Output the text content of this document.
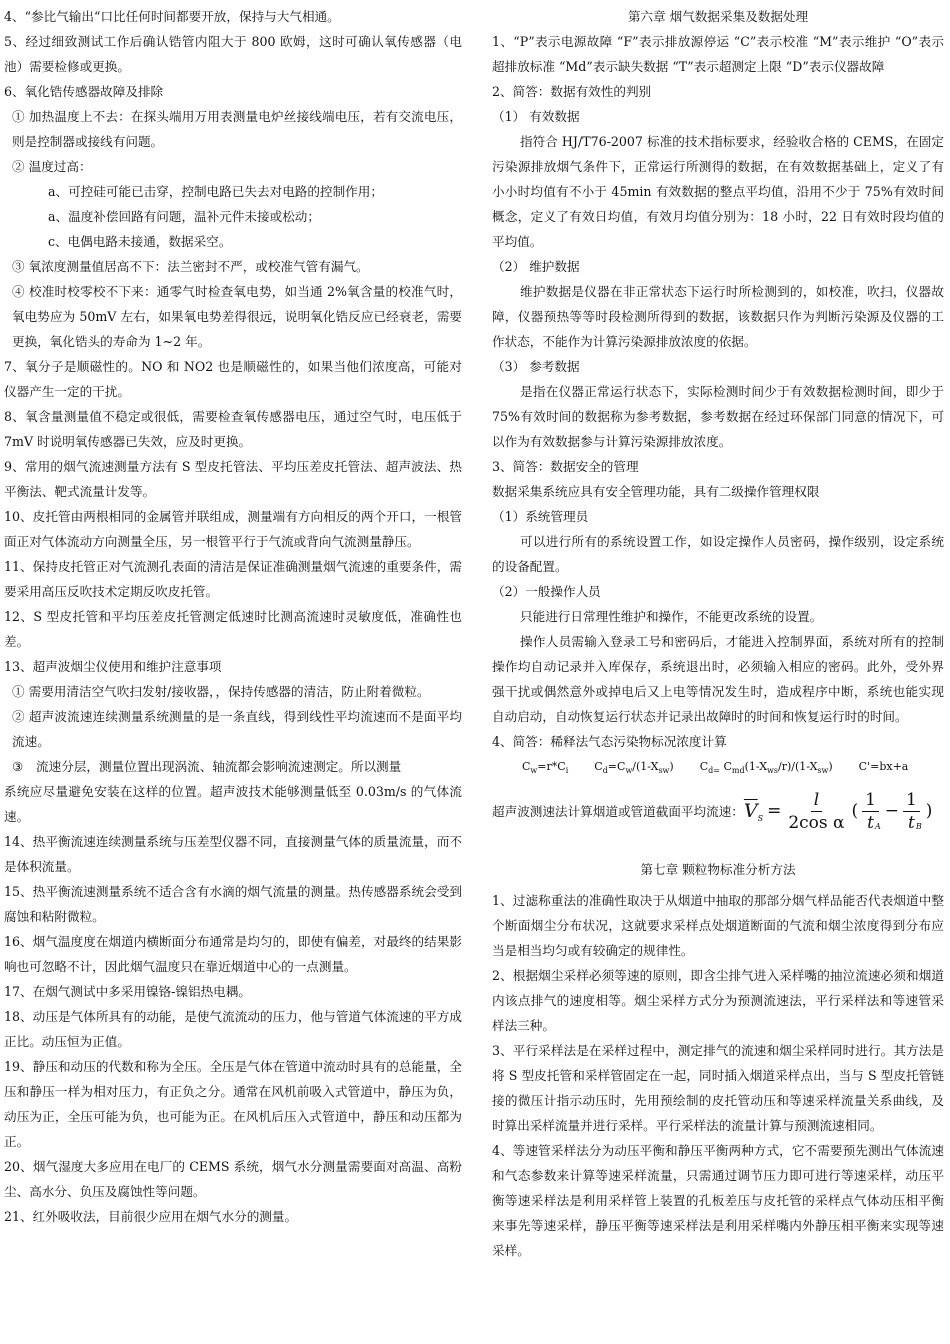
4、“参比气输出“口比任何时间都要开放，保持与大气相通。

5、经过细致测试工作后确认锆管内阻大于 800 欧姆，这时可确认氧传感器（电池）需要检修或更换。

6、氧化锆传感器故障及排除

① 加热温度上不去：在探头端用万用表测量电炉丝接线端电压，若有交流电压，则是控制器或接线有问题。

② 温度过高：

a、可控硅可能已击穿，控制电路已失去对电路的控制作用；

a、温度补偿回路有问题，温补元件未接或松动；

c、电偶电路未接通，数据采空。

③ 氧浓度测量值居高不下：法兰密封不严，或校准气管有漏气。

④ 校准时校零校不下来：通零气时检查氧电势，如当通 2%氧含量的校准气时，氧电势应为 50mV 左右，如果氧电势差得很远，说明氧化锆反应已经衰老，需要更换，氧化锆头的寿命为 1~2 年。

7、氧分子是顺磁性的。NO 和 NO2 也是顺磁性的，如果当他们浓度高，可能对仪器产生一定的干扰。

8、氧含量测量值不稳定或很低，需要检查氧传感器电压，通过空气时，电压低于 7mV 时说明氧传感器已失效，应及时更换。

9、常用的烟气流速测量方法有 S 型皮托管法、平均压差皮托管法、超声波法、热平衡法、靶式流量计发等。

10、皮托管由两根相同的金属管并联组成，测量端有方向相反的两个开口，一根管面正对气体流动方向测量全压，另一根管平行于气流或背向气流测量静压。

11、保持皮托管正对气流测孔表面的清洁是保证准确测量烟气流速的重要条件，需要采用高压反吹技术定期反吹皮托管。

12、S 型皮托管和平均压差皮托管测定低速时比测高流速时灵敏度低，准确性也差。

13、超声波烟尘仪使用和维护注意事项

① 需要用清洁空气吹扫发射/接收器，，保持传感器的清洁，防止附着微粒。

② 超声波流速连续测量系统测量的是一条直线，得到线性平均流速而不是面平均流速。

流速分层，测量位置出现涡流、轴流都会影响流速测定。所以测量

③

系统应尽量避免安装在这样的位置。超声波技术能够测量低至 0.03m/s 的气体流速。

14、热平衡流速连续测量系统与压差型仪器不同，直接测量气体的质量流量，而不是体积流量。

15、热平衡流速测量系统不适合含有水滴的烟气流量的测量。热传感器系统会受到腐蚀和粘附微粒。

16、烟气温度度在烟道内横断面分布通常是均匀的，即使有偏差，对最终的结果影响也可忽略不计，因此烟气温度只在靠近烟道中心的一点测量。

17、在烟气测试中多采用镍铬-镍铝热电耦。

18、动压是气体所具有的动能，是使气流流动的压力，他与管道气体流速的平方成正比。动压恒为正值。

19、静压和动压的代数和称为全压。全压是气体在管道中流动时具有的总能量，全压和静压一样为相对压力，有正负之分。通常在风机前吸入式管道中，静压为负，动压为正，全压可能为负，也可能为正。在风机后压入式管道中，静压和动压都为正。

20、烟气湿度大多应用在电厂的 CEMS 系统，烟气水分测量需要面对高温、高粉尘、高水分、负压及腐蚀性等问题。

21、红外吸收法，目前很少应用在烟气水分的测量。

第六章 烟气数据采集及数据处理

1、“P”表示电源故障 “F”表示排放源停运 “C”表示校准 “M”表示维护 “O”表示超排放标准 “Md”表示缺失数据 “T”表示超测定上限 “D”表示仪器故障

2、简答：数据有效性的判别

（1） 有效数据

指符合 HJ/T76-2007 标准的技术指标要求，经验收合格的 CEMS，在固定污染源排放烟气条件下，正常运行所测得的数据，在有效数据基础上，定义了有小小时均值有不小于 45min 有效数据的整点平均值，沿用不少于 75%有效时间概念，定义了有效日均值，有效月均值分别为：18 小时，22 日有效时段均值的平均值。

（2） 维护数据

维护数据是仪器在非正常状态下运行时所检测到的，如校准，吹扫，仪器故障，仪器预热等等时段检测所得到的数据，该数据只作为判断污染源及仪器的工作状态，不能作为计算污染源排放浓度的依据。

（3） 参考数据

是指在仪器正常运行状态下，实际检测时间少于有效数据检测时间，即少于 75%有效时间的数据称为参考数据，参考数据在经过环保部门同意的情况下，可以作为有效数据参与计算污染源排放浓度。

3、简答：数据安全的管理

数据采集系统应具有安全管理功能，具有二级操作管理权限

（1）系统管理员

可以进行所有的系统设置工作，如设定操作人员密码，操作级别，设定系统的设备配置。

（2）一般操作人员

只能进行日常理性维护和操作，不能更改系统的设置。

操作人员需输入登录工号和密码后，才能进入控制界面，系统对所有的控制操作均自动记录并入库保存，系统退出时，必须输入相应的密码。此外，受外界强干扰或偶然意外或掉电后又上电等情况发生时，造成程序中断，系统也能实现自动启动，自动恢复运行状态并记录出故障时的时间和恢复运行时的时间。

4、简答：稀释法气态污染物标况浓度计算

$C_w=r*C_i$ $C_d=C_w/(1-X_{sw})$ $C_{d=}$ $C_{md}(1-X_{ws}/r)/(1-X_{sw})$ C'=bx+a
超声波测速法计算烟道或管道截面平均流速： $\overline{V}$ $S = \frac{l}{\text{2cos α}}$ ( $\frac{1}{t}$
A
− $\frac{1}{t}$
B
)

第七章 颗粒物标准分析方法

1、过滤称重法的准确性取决于从烟道中抽取的那部分烟气样品能否代表烟道中整个断面烟尘分布状况，这就要求采样点处烟道断面的气流和烟尘浓度得到分布应当是相当均匀或有较确定的规律性。

2、根据烟尘采样必须等速的原则，即含尘排气进入采样嘴的抽泣流速必须和烟道内该点排气的速度相等。烟尘采样方式分为预测流速法，平行采样法和等速管采样法三种。

3、平行采样法是在采样过程中，测定排气的流速和烟尘采样同时进行。其方法是将 S 型皮托管和采样管固定在一起，同时插入烟道采样点出，当与 S 型皮托管链接的微压计指示动压时，先用预绘制的皮托管动压和等速采样流量关系曲线，及时算出采样流量并进行采样。平行采样法的流量计算与预测流速相同。

4、等速管采样法分为动压平衡和静压平衡两种方式，它不需要预先测出气体流速和气态参数来计算等速采样流量，只需通过调节压力即可进行等速采样，动压平衡等速采样法是利用采样管上装置的孔板差压与皮托管的采样点气体动压相平衡来事先等速采样，静压平衡等速采样法是利用采样嘴内外静压相平衡来实现等速采样。
